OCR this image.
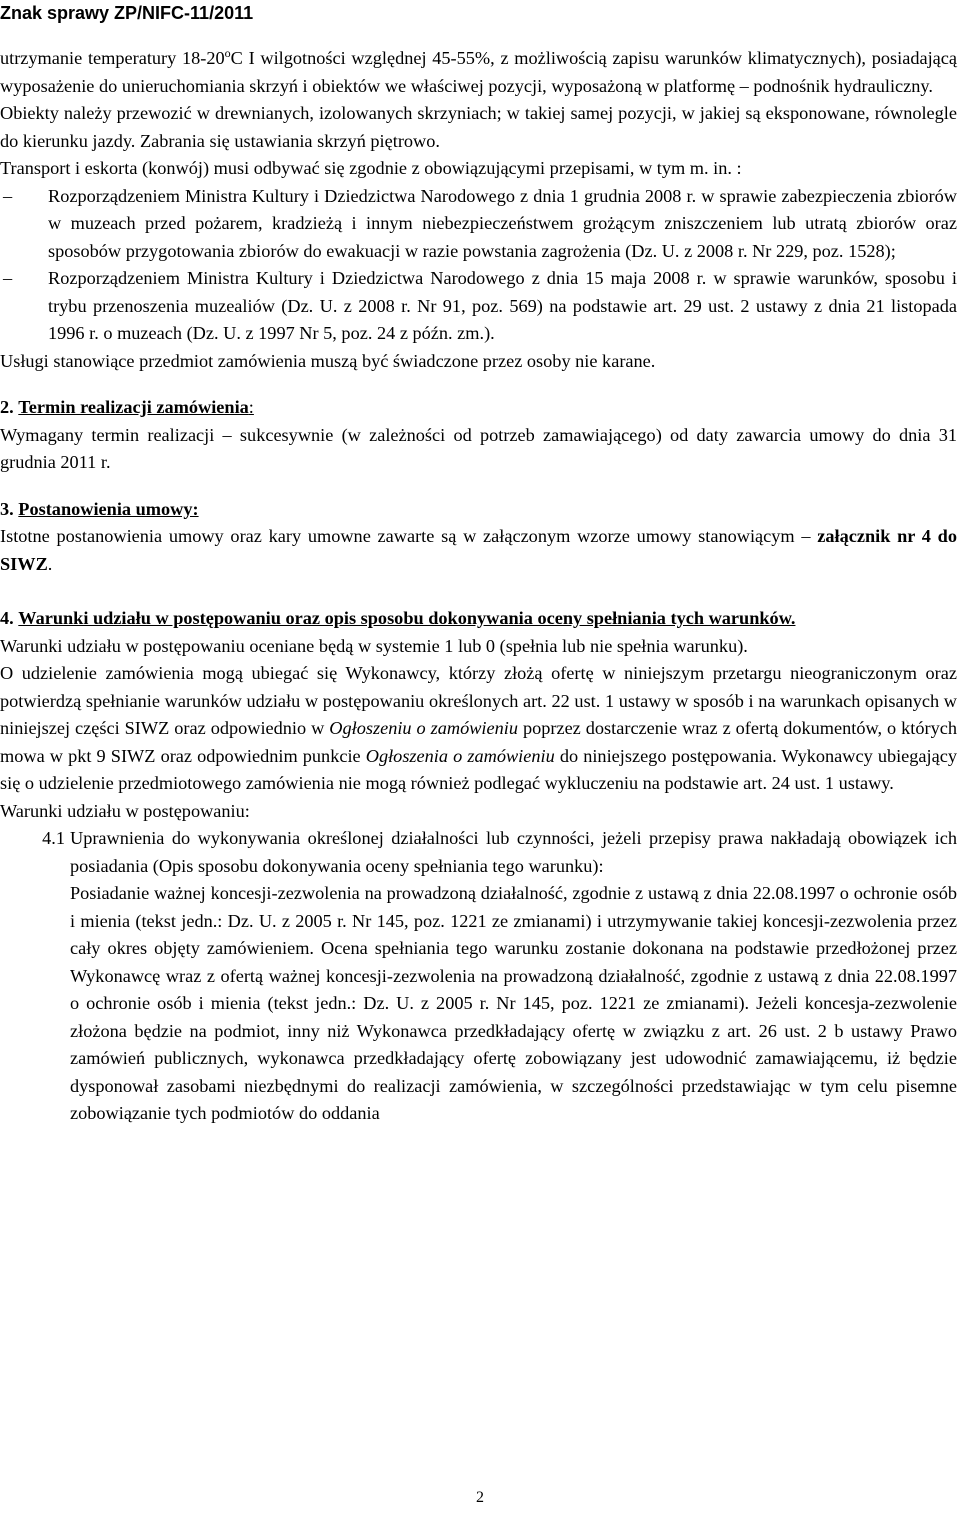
Znak sprawy ZP/NIFC-11/2011

utrzymanie temperatury 18-20$^o$C I wilgotności względnej 45-55%, z możliwością zapisu warunków klimatycznych), posiadającą wyposażenie do unieruchomiania skrzyń i obiektów we właściwej pozycji, wyposażoną w platformę – podnośnik hydrauliczny.

Obiekty należy przewozić w drewnianych, izolowanych skrzyniach; w takiej samej pozycji, w jakiej są eksponowane, równolegle do kierunku jazdy. Zabrania się ustawiania skrzyń piętrowo.

Transport i eskorta (konwój) musi odbywać się zgodnie z obowiązującymi przepisami, w tym m. in. :

–	Rozporządzeniem Ministra Kultury i Dziedzictwa Narodowego z dnia 1 grudnia 2008 r. w sprawie zabezpieczenia zbiorów w muzeach przed pożarem, kradzieżą i innym niebezpieczeństwem grożącym zniszczeniem lub utratą zbiorów oraz sposobów przygotowania zbiorów do ewakuacji w razie powstania zagrożenia (Dz. U. z 2008 r. Nr 229, poz. 1528);
–	Rozporządzeniem Ministra Kultury i Dziedzictwa Narodowego z dnia 15 maja 2008 r. w sprawie warunków, sposobu i trybu przenoszenia muzealiów (Dz. U. z 2008 r. Nr 91, poz. 569) na podstawie art. 29 ust. 2 ustawy z dnia 21 listopada 1996 r. o muzeach (Dz. U. z 1997 Nr 5, poz. 24 z późn. zm.).

Usługi stanowiące przedmiot zamówienia muszą być świadczone przez osoby nie karane.

2. Termin realizacji zamówienia:

Wymagany termin realizacji – sukcesywnie (w zależności od potrzeb zamawiającego) od daty zawarcia umowy do dnia 31 grudnia 2011 r.

3. Postanowienia umowy:

Istotne postanowienia umowy oraz kary umowne zawarte są w załączonym wzorze umowy stanowiącym – załącznik nr 4 do SIWZ.

4. Warunki udziału w postępowaniu oraz opis sposobu dokonywania oceny spełniania tych warunków.

Warunki udziału w postępowaniu oceniane będą w systemie 1 lub 0 (spełnia lub nie spełnia warunku).

O udzielenie zamówienia mogą ubiegać się Wykonawcy, którzy złożą ofertę w niniejszym przetargu nieograniczonym oraz potwierdzą spełnianie warunków udziału w postępowaniu określonych art. 22 ust. 1 ustawy w sposób i na warunkach opisanych w niniejszej części SIWZ oraz odpowiednio w Ogłoszeniu o zamówieniu poprzez dostarczenie wraz z ofertą dokumentów, o których mowa w pkt 9 SIWZ oraz odpowiednim punkcie Ogłoszenia o zamówieniu do niniejszego postępowania. Wykonawcy ubiegający się o udzielenie przedmiotowego zamówienia nie mogą również podlegać wykluczeniu na podstawie art. 24 ust. 1 ustawy.

Warunki udziału w postępowaniu:

4.1 Uprawnienia do wykonywania określonej działalności lub czynności, jeżeli przepisy prawa nakładają obowiązek ich posiadania (Opis sposobu dokonywania oceny spełniania tego warunku):

Posiadanie ważnej koncesji-zezwolenia na prowadzoną działalność, zgodnie z ustawą z dnia 22.08.1997 o ochronie osób i mienia (tekst jedn.: Dz. U. z 2005 r. Nr 145, poz. 1221 ze zmianami) i utrzymywanie takiej koncesji-zezwolenia przez cały okres objęty zamówieniem. Ocena spełniania tego warunku zostanie dokonana na podstawie przedłożonej przez Wykonawcę wraz z ofertą ważnej koncesji-zezwolenia na prowadzoną działalność, zgodnie z ustawą z dnia 22.08.1997 o ochronie osób i mienia (tekst jedn.: Dz. U. z 2005 r. Nr 145, poz. 1221 ze zmianami). Jeżeli koncesja-zezwolenie złożona będzie na podmiot, inny niż Wykonawca przedkładający ofertę w związku z art. 26 ust. 2 b ustawy Prawo zamówień publicznych, wykonawca przedkładający ofertę zobowiązany jest udowodnić zamawiającemu, iż będzie dysponował zasobami niezbędnymi do realizacji zamówienia, w szczególności przedstawiając w tym celu pisemne zobowiązanie tych podmiotów do oddania

2
